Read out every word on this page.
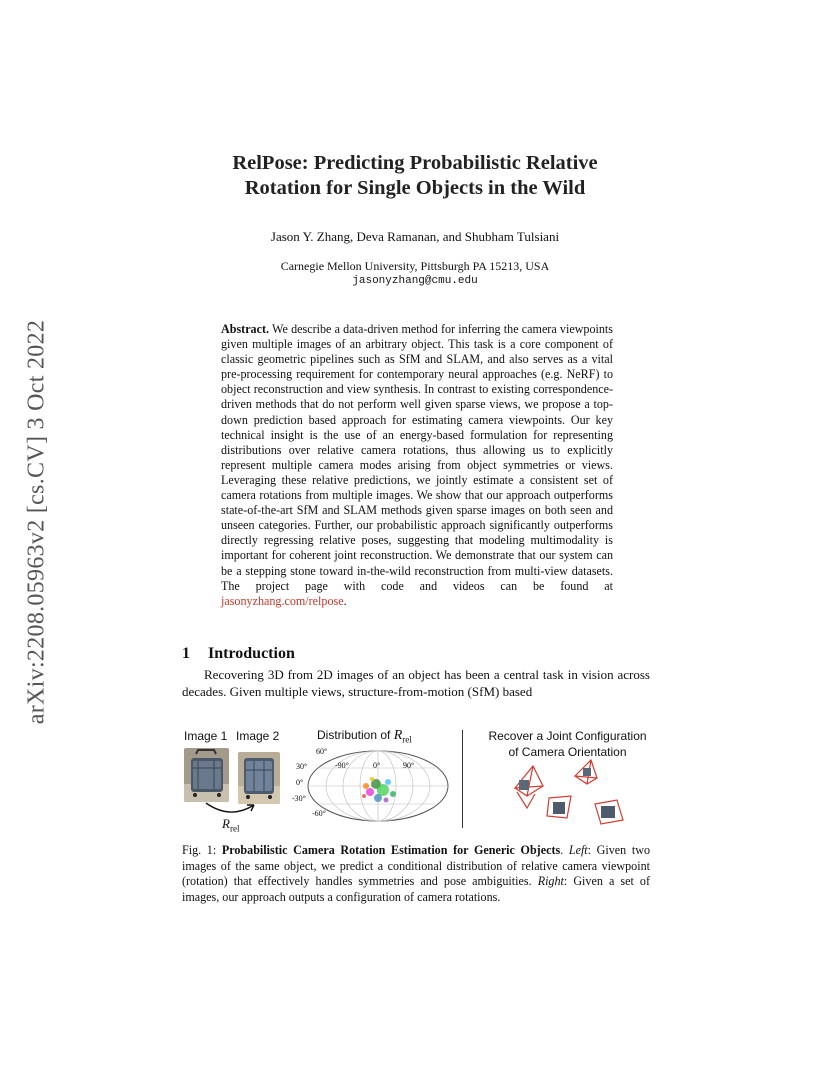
arXiv:2208.05963v2 [cs.CV] 3 Oct 2022
RelPose: Predicting Probabilistic Relative
Rotation for Single Objects in the Wild
Jason Y. Zhang, Deva Ramanan, and Shubham Tulsiani
Carnegie Mellon University, Pittsburgh PA 15213, USA
jasonyzhang@cmu.edu
Abstract. We describe a data-driven method for inferring the camera viewpoints given multiple images of an arbitrary object. This task is a core component of classic geometric pipelines such as SfM and SLAM, and also serves as a vital pre-processing requirement for contemporary neural approaches (e.g. NeRF) to object reconstruction and view synthesis. In contrast to existing correspondence-driven methods that do not perform well given sparse views, we propose a top-down prediction based approach for estimating camera viewpoints. Our key technical insight is the use of an energy-based formulation for representing distributions over relative camera rotations, thus allowing us to explicitly represent multiple camera modes arising from object symmetries or views. Leveraging these relative predictions, we jointly estimate a consistent set of camera rotations from multiple images. We show that our approach outperforms state-of-the-art SfM and SLAM methods given sparse images on both seen and unseen categories. Further, our probabilistic approach significantly outperforms directly regressing relative poses, suggesting that modeling multimodality is important for coherent joint reconstruction. We demonstrate that our system can be a stepping stone toward in-the-wild reconstruction from multi-view datasets. The project page with code and videos can be found at jasonyzhang.com/relpose.
1 Introduction
Recovering 3D from 2D images of an object has been a central task in vision across decades. Given multiple views, structure-from-motion (SfM) based
Image 1 Image 2
$R_{rel}$
Distribution of $R_{rel}$
60°
30°
0°
-30°
-60°
-90°	0°	90°
Recover a Joint Configuration
of Camera Orientation
Fig. 1: Probabilistic Camera Rotation Estimation for Generic Objects. Left: Given two images of the same object, we predict a conditional distribution of relative camera viewpoint (rotation) that effectively handles symmetries and pose ambiguities. Right: Given a set of images, our approach outputs a configuration of camera rotations.
